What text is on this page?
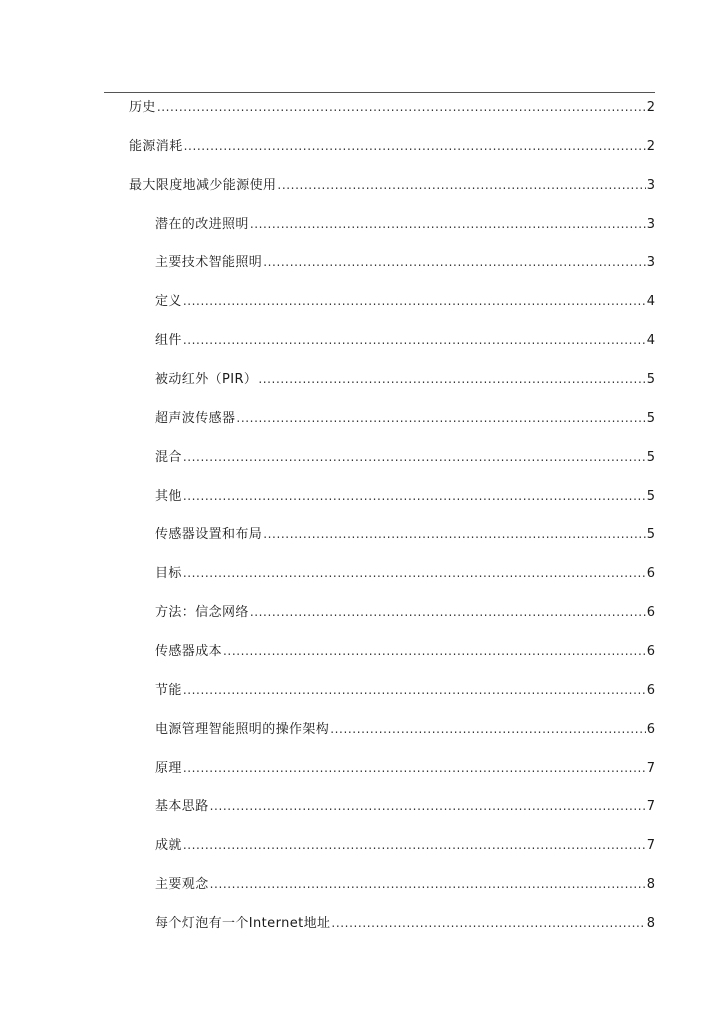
历史 .....	2
能源消耗 .....	2
最大限度地减少能源使用 .....	3
潜在的改进照明 .....	3
主要技术智能照明 .....	3
定义 .....	4
组件 .....	4
被动红外（PIR） .....	5
超声波传感器 .....	5
混合 .....	5
其他 .....	5
传感器设置和布局 .....	5
目标 .....	6
方法：信念网络 .....	6
传感器成本 .....	6
节能 .....	6
电源管理智能照明的操作架构 .....	6
原理 .....	7
基本思路 .....	7
成就 .....	7
主要观念 .....	8
每个灯泡有一个Internet地址 .....	8
